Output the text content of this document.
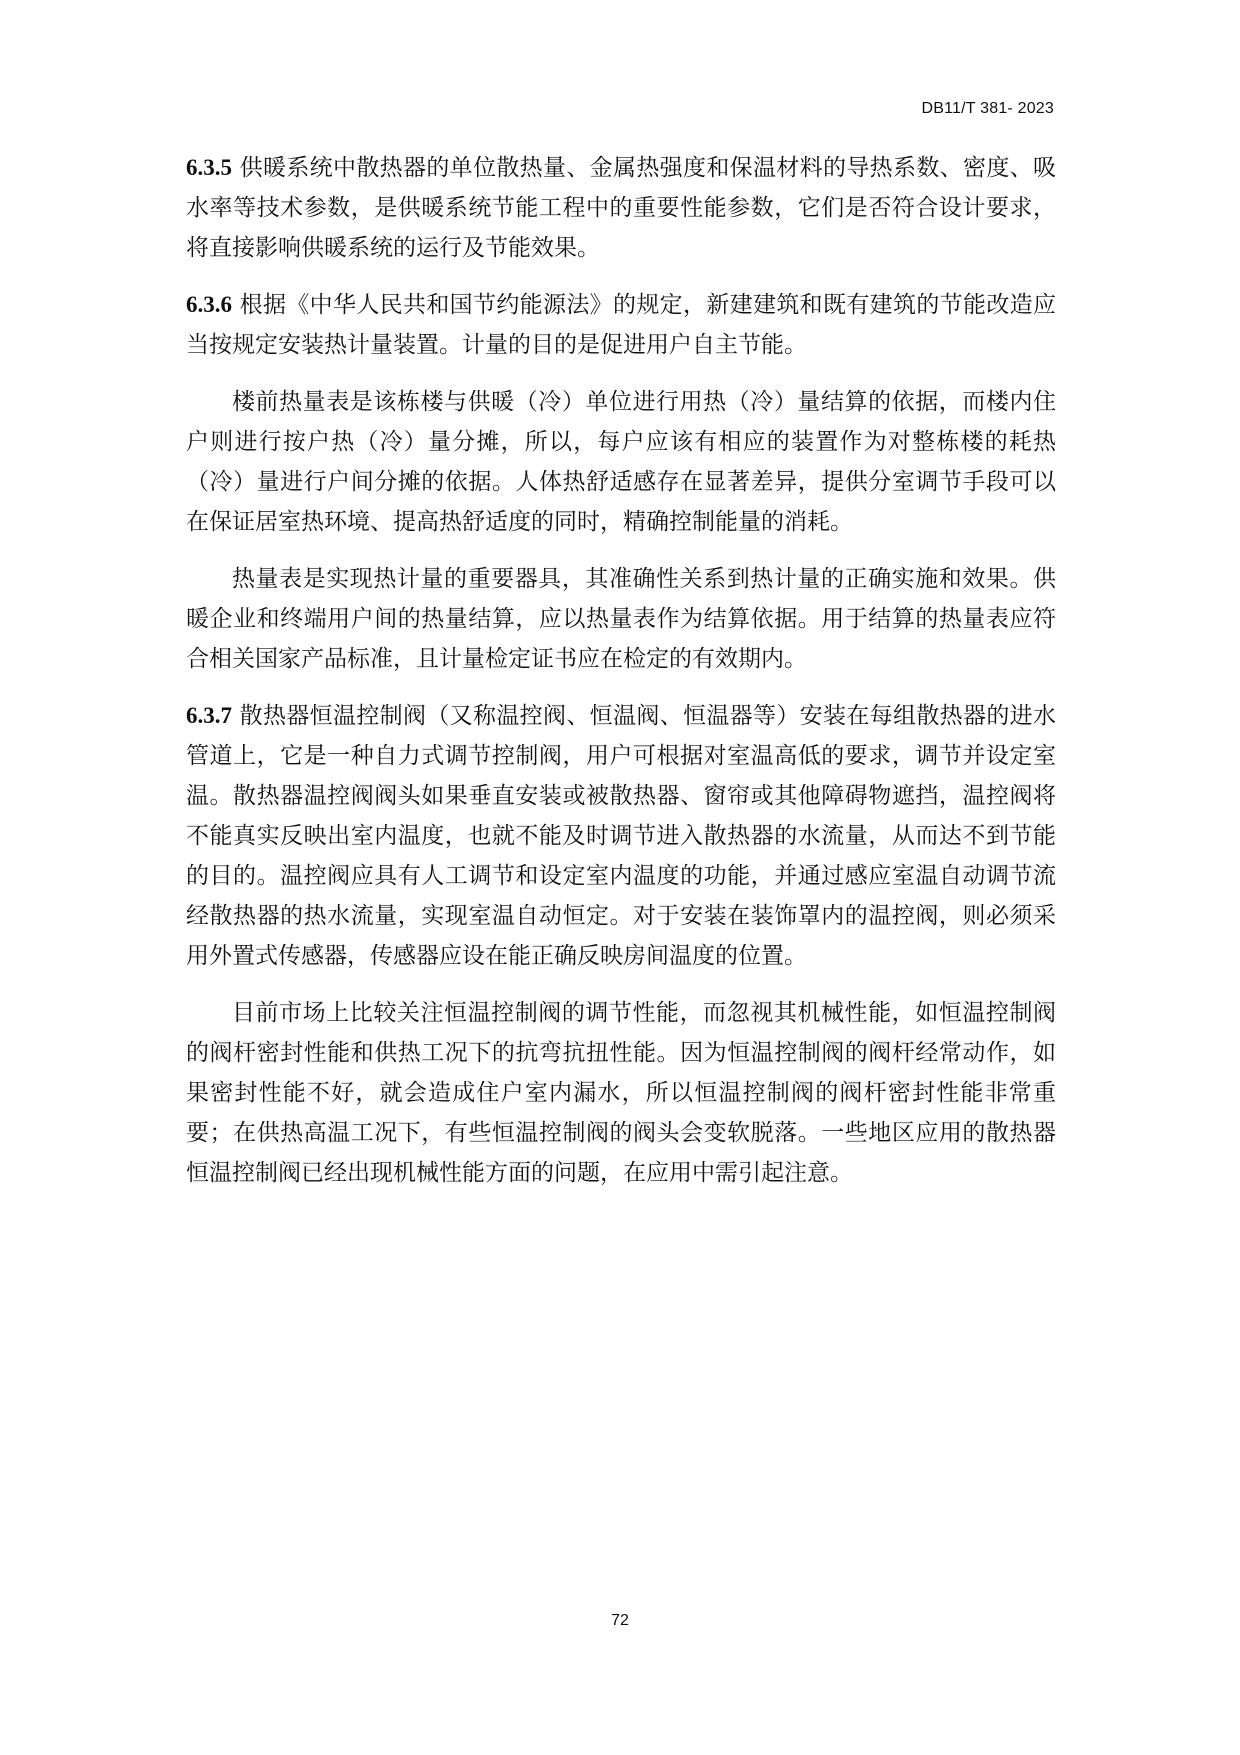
DB11/T 381- 2023

6.3.5 供暖系统中散热器的单位散热量、金属热强度和保温材料的导热系数、密度、吸水率等技术参数，是供暖系统节能工程中的重要性能参数，它们是否符合设计要求，将直接影响供暖系统的运行及节能效果。

6.3.6 根据《中华人民共和国节约能源法》的规定，新建建筑和既有建筑的节能改造应当按规定安装热计量装置。计量的目的是促进用户自主节能。

楼前热量表是该栋楼与供暖（冷）单位进行用热（冷）量结算的依据，而楼内住户则进行按户热（冷）量分摊，所以，每户应该有相应的装置作为对整栋楼的耗热（冷）量进行户间分摊的依据。人体热舒适感存在显著差异，提供分室调节手段可以在保证居室热环境、提高热舒适度的同时，精确控制能量的消耗。

热量表是实现热计量的重要器具，其准确性关系到热计量的正确实施和效果。供暖企业和终端用户间的热量结算，应以热量表作为结算依据。用于结算的热量表应符合相关国家产品标准，且计量检定证书应在检定的有效期内。

6.3.7 散热器恒温控制阀（又称温控阀、恒温阀、恒温器等）安装在每组散热器的进水管道上，它是一种自力式调节控制阀，用户可根据对室温高低的要求，调节并设定室温。散热器温控阀阀头如果垂直安装或被散热器、窗帘或其他障碍物遮挡，温控阀将不能真实反映出室内温度，也就不能及时调节进入散热器的水流量，从而达不到节能的目的。温控阀应具有人工调节和设定室内温度的功能，并通过感应室温自动调节流经散热器的热水流量，实现室温自动恒定。对于安装在装饰罩内的温控阀，则必须采用外置式传感器，传感器应设在能正确反映房间温度的位置。

目前市场上比较关注恒温控制阀的调节性能，而忽视其机械性能，如恒温控制阀的阀杆密封性能和供热工况下的抗弯抗扭性能。因为恒温控制阀的阀杆经常动作，如果密封性能不好，就会造成住户室内漏水，所以恒温控制阀的阀杆密封性能非常重要；在供热高温工况下，有些恒温控制阀的阀头会变软脱落。一些地区应用的散热器恒温控制阀已经出现机械性能方面的问题，在应用中需引起注意。

72
